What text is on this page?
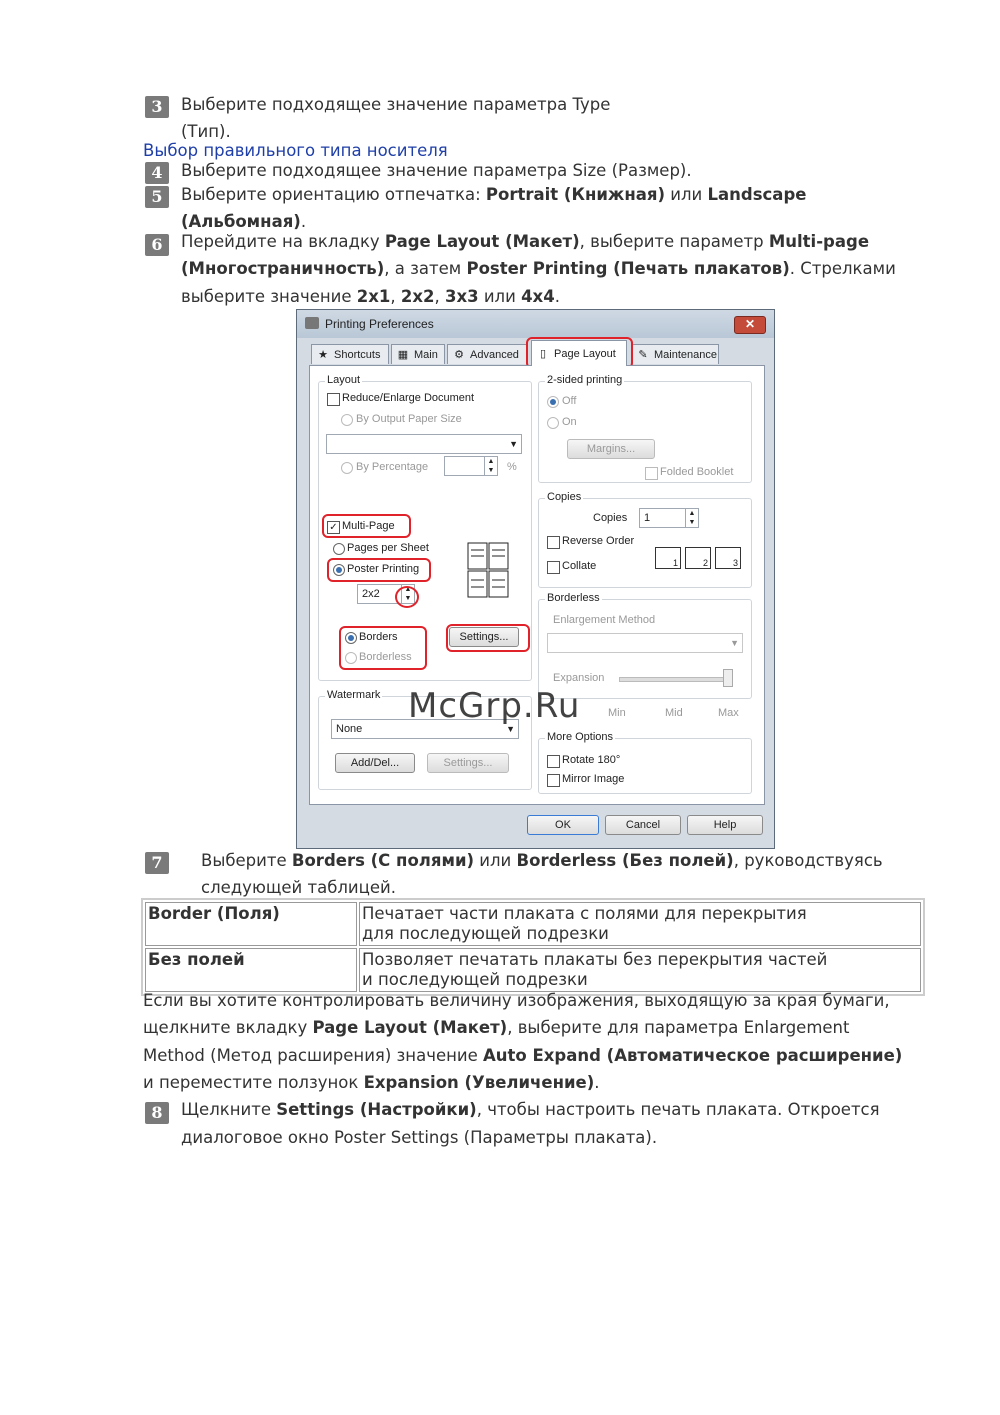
3	Выберите подходящее значение параметра Type
(Тип).
Выбор правильного типа носителя
4	Выберите подходящее значение параметра Size (Размер).
5	Выберите ориентацию отпечатка: Portrait (Книжная) или Landscape
(Альбомная).
6	Перейдите на вкладку Page Layout (Макет), выберите параметр Multi-page
(Многостраничность), а затем Poster Printing (Печать плакатов). Стрелками
выберите значение 2x1, 2x2, 3x3 или 4x4.
Printing Preferences	✕
★ Shortcuts	▦ Main	⚙ Advanced	▯ Page Layout	✎ Maintenance
Layout
Reduce/Enlarge Document
By Output Paper Size
▼
By Percentage	▲
▼ %
✓ Multi-Page
Pages per Sheet
Poster Printing
2x2	▲
▼
Borders
Borderless
Settings...
Watermark
None	▼
Add/Del...	Settings...
2-sided printing
Off
On
Margins...
Folded Booklet
Copies
Copies	1	▲
▼
Reverse Order
Collate	1	2	3
Borderless
Enlargement Method
▼
Expansion
Min	Mid	Max
More Options
Rotate 180°
Mirror Image
OK	Cancel	Help
McGrp.Ru
7	Выберите Borders (С полями) или Borderless (Без полей), руководствуясь
следующей таблицей.
Border (Поля)	Печатает части плаката с полями для перекрытия
для последующей подрезки

Без полей	Позволяет печатать плакаты без перекрытия частей
и последующей подрезки
Если вы хотите контролировать величину изображения, выходящую за края бумаги,
щелкните вкладку Page Layout (Макет), выберите для параметра Enlargement
Method (Метод расширения) значение Auto Expand (Автоматическое расширение)
и переместите ползунок Expansion (Увеличение).
8	Щелкните Settings (Настройки), чтобы настроить печать плаката. Откроется
диалоговое окно Poster Settings (Параметры плаката).
